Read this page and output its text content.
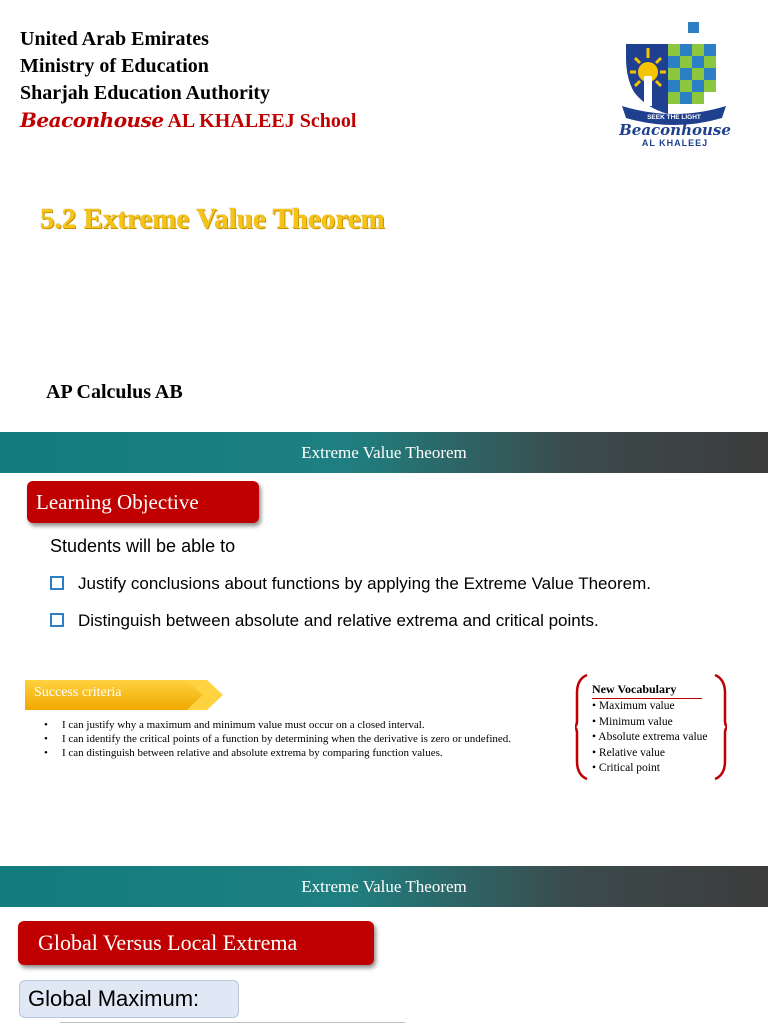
United Arab Emirates
Ministry of Education
Sharjah Education Authority
Beaconhouse AL KHALEEJ School	SEEK THE LIGHT
Beaconhouse
AL KHALEEJ
5.2 Extreme Value Theorem
AP Calculus AB
Extreme Value Theorem
Learning Objective
Students will be able to
Justify conclusions about functions by applying the Extreme Value Theorem.
Distinguish between absolute and relative extrema and critical points.
Success criteria
• I can justify why a maximum and minimum value must occur on a closed interval.
• I can identify the critical points of a function by determining when the derivative is zero or undefined.
• I can distinguish between relative and absolute extrema by comparing function values.
New Vocabulary
• Maximum value
• Minimum value
• Absolute extrema value
• Relative value
• Critical point
Extreme Value Theorem
Global Versus Local Extrema
Global Maximum:
